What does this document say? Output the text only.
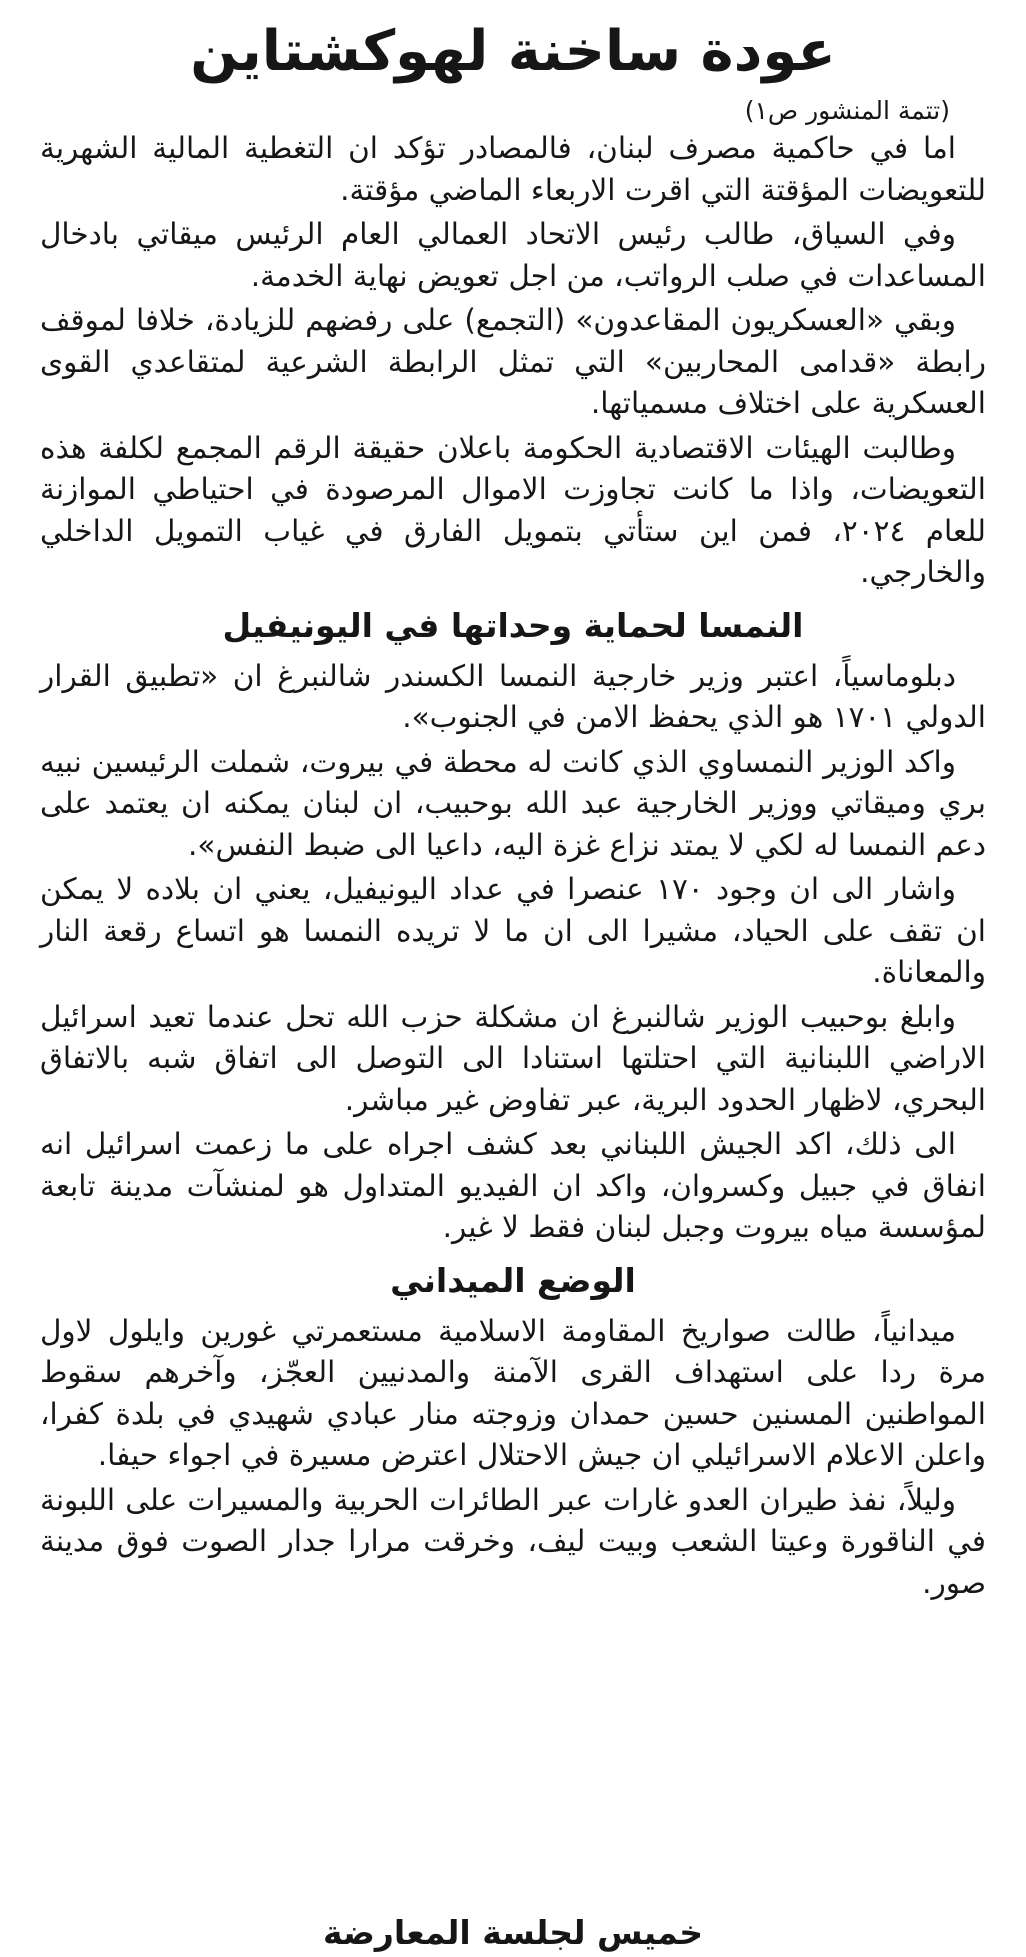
عودة ساخنة لهوكشتاين

(تتمة المنشور ص١)

اما في حاكمية مصرف لبنان، فالمصادر تؤكد ان التغطية المالية الشهرية للتعويضات المؤقتة التي اقرت الاربعاء الماضي مؤقتة.

وفي السياق، طالب رئيس الاتحاد العمالي العام الرئيس ميقاتي بادخال المساعدات في صلب الرواتب، من اجل تعويض نهاية الخدمة.

وبقي «العسكريون المقاعدون» (التجمع) على رفضهم للزيادة، خلافا لموقف رابطة «قدامى المحاربين» التي تمثل الرابطة الشرعية لمتقاعدي القوى العسكرية على اختلاف مسمياتها.

وطالبت الهيئات الاقتصادية الحكومة باعلان حقيقة الرقم المجمع لكلفة هذه التعويضات، واذا ما كانت تجاوزت الاموال المرصودة في احتياطي الموازنة للعام ٢٠٢٤، فمن اين ستأتي بتمويل الفارق في غياب التمويل الداخلي والخارجي.

النمسا لحماية وحداتها في اليونيفيل

دبلوماسياً، اعتبر وزير خارجية النمسا الكسندر شالنبرغ ان «تطبيق القرار الدولي ١٧٠١ هو الذي يحفظ الامن في الجنوب».

واكد الوزير النمساوي الذي كانت له محطة في بيروت، شملت الرئيسين نبيه بري وميقاتي ووزير الخارجية عبد الله بوحبيب، ان لبنان يمكنه ان يعتمد على دعم النمسا له لكي لا يمتد نزاع غزة اليه، داعيا الى ضبط النفس».

واشار الى ان وجود ١٧٠ عنصرا في عداد اليونيفيل، يعني ان بلاده لا يمكن ان تقف على الحياد، مشيرا الى ان ما لا تريده النمسا هو اتساع رقعة النار والمعاناة.

وابلغ بوحبيب الوزير شالنبرغ ان مشكلة حزب الله تحل عندما تعيد اسرائيل الاراضي اللبنانية التي احتلتها استنادا الى التوصل الى اتفاق شبه بالاتفاق البحري، لاظهار الحدود البرية، عبر تفاوض غير مباشر.

الى ذلك، اكد الجيش اللبناني بعد كشف اجراه على ما زعمت اسرائيل انه انفاق في جبيل وكسروان، واكد ان الفيديو المتداول هو لمنشآت مدينة تابعة لمؤسسة مياه بيروت وجبل لبنان فقط لا غير.

الوضع الميداني

ميدانياً، طالت صواريخ المقاومة الاسلامية مستعمرتي غورين وايلول لاول مرة ردا على استهداف القرى الآمنة والمدنيين العجّز، وآخرهم سقوط المواطنين المسنين حسين حمدان وزوجته منار عبادي شهيدي في بلدة كفرا، واعلن الاعلام الاسرائيلي ان جيش الاحتلال اعترض مسيرة في اجواء حيفا.

وليلاً، نفذ طيران العدو غارات عبر الطائرات الحربية والمسيرات على اللبونة في الناقورة وعيتا الشعب وبيت ليف، وخرقت مرارا جدار الصوت فوق مدينة صور.

خميس لجلسة المعارضة
